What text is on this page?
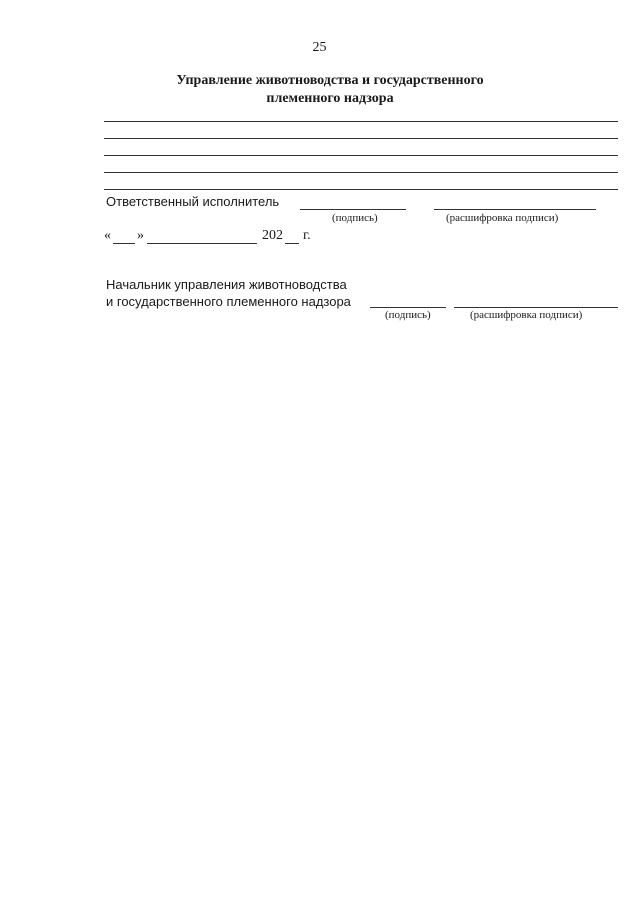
25
Управление животноводства и государственного
племенного надзора
Ответственный исполнитель
(подпись)	(расшифровка подписи)
« »	202 г.
Начальник управления животноводства
и государственного племенного надзора
(подпись)	(расшифровка подписи)
